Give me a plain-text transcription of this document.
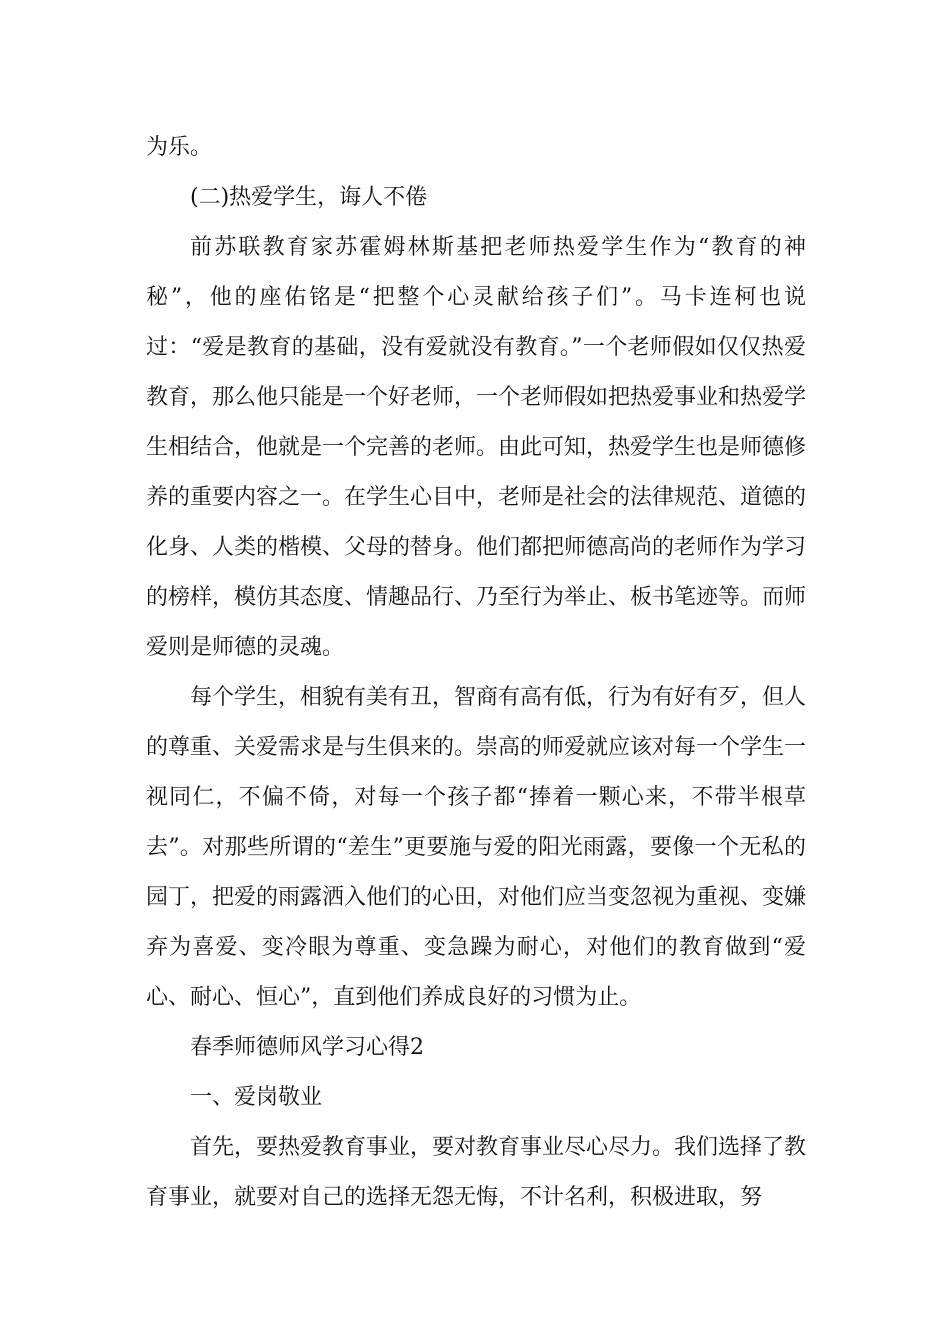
为乐。

(二)热爱学生，诲人不倦

前苏联教育家苏霍姆林斯基把老师热爱学生作为“教育的神秘”，他的座佑铭是“把整个心灵献给孩子们”。马卡连柯也说过：“爱是教育的基础，没有爱就没有教育。”一个老师假如仅仅热爱教育，那么他只能是一个好老师，一个老师假如把热爱事业和热爱学生相结合，他就是一个完善的老师。由此可知，热爱学生也是师德修养的重要内容之一。在学生心目中，老师是社会的法律规范、道德的化身、人类的楷模、父母的替身。他们都把师德高尚的老师作为学习的榜样，模仿其态度、情趣品行、乃至行为举止、板书笔迹等。而师爱则是师德的灵魂。

每个学生，相貌有美有丑，智商有高有低，行为有好有歹，但人的尊重、关爱需求是与生俱来的。崇高的师爱就应该对每一个学生一视同仁，不偏不倚，对每一个孩子都“捧着一颗心来，不带半根草去”。对那些所谓的“差生”更要施与爱的阳光雨露，要像一个无私的园丁，把爱的雨露洒入他们的心田，对他们应当变忽视为重视、变嫌弃为喜爱、变冷眼为尊重、变急躁为耐心，对他们的教育做到“爱心、耐心、恒心”，直到他们养成良好的习惯为止。

春季师德师风学习心得2

一、爱岗敬业

首先，要热爱教育事业，要对教育事业尽心尽力。我们选择了教育事业，就要对自己的选择无怨无悔，不计名利，积极进取，努
